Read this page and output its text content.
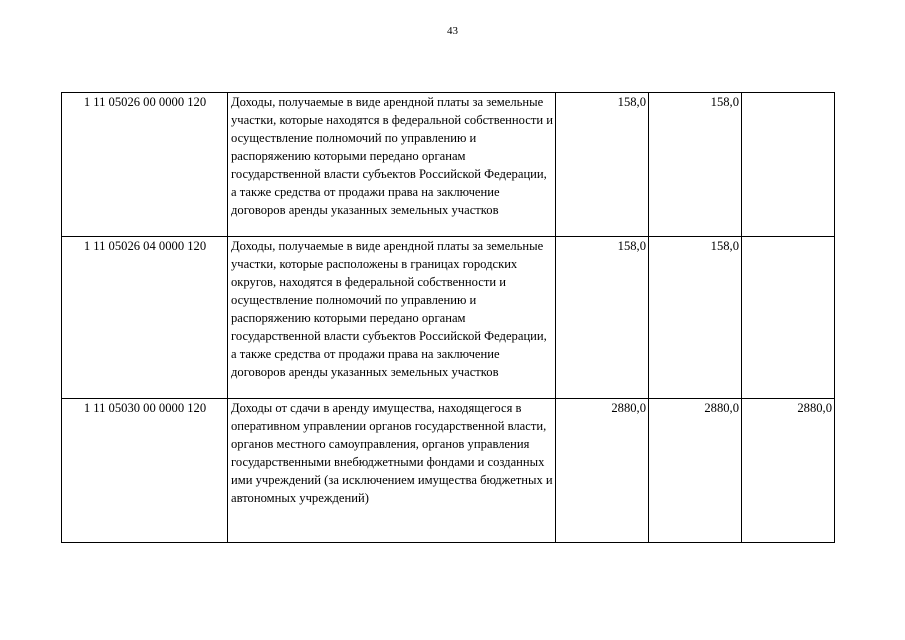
43
1 11 05026 00 0000 120	Доходы, получаемые в виде арендной платы за земельные участки, которые находятся в федеральной собственности и осуществление полномочий по управлению и распоряжению которыми передано органам государственной власти субъектов Российской Федерации, а также средства от продажи права на заключение договоров аренды указанных земельных участков	158,0	158,0	
1 11 05026 04 0000 120	Доходы, получаемые в виде арендной платы за земельные участки, которые расположены в границах городских округов, находятся в федеральной собственности и осуществление полномочий по управлению и распоряжению которыми передано органам государственной власти субъектов Российской Федерации, а также средства от продажи права на заключение договоров аренды указанных земельных участков	158,0	158,0	
1 11 05030 00 0000 120	Доходы от сдачи в аренду имущества, находящегося в оперативном управлении органов государственной власти, органов местного самоуправления, органов управления государственными внебюджетными фондами и созданных ими учреждений (за исключением имущества бюджетных и автономных учреждений)	2880,0	2880,0	2880,0
